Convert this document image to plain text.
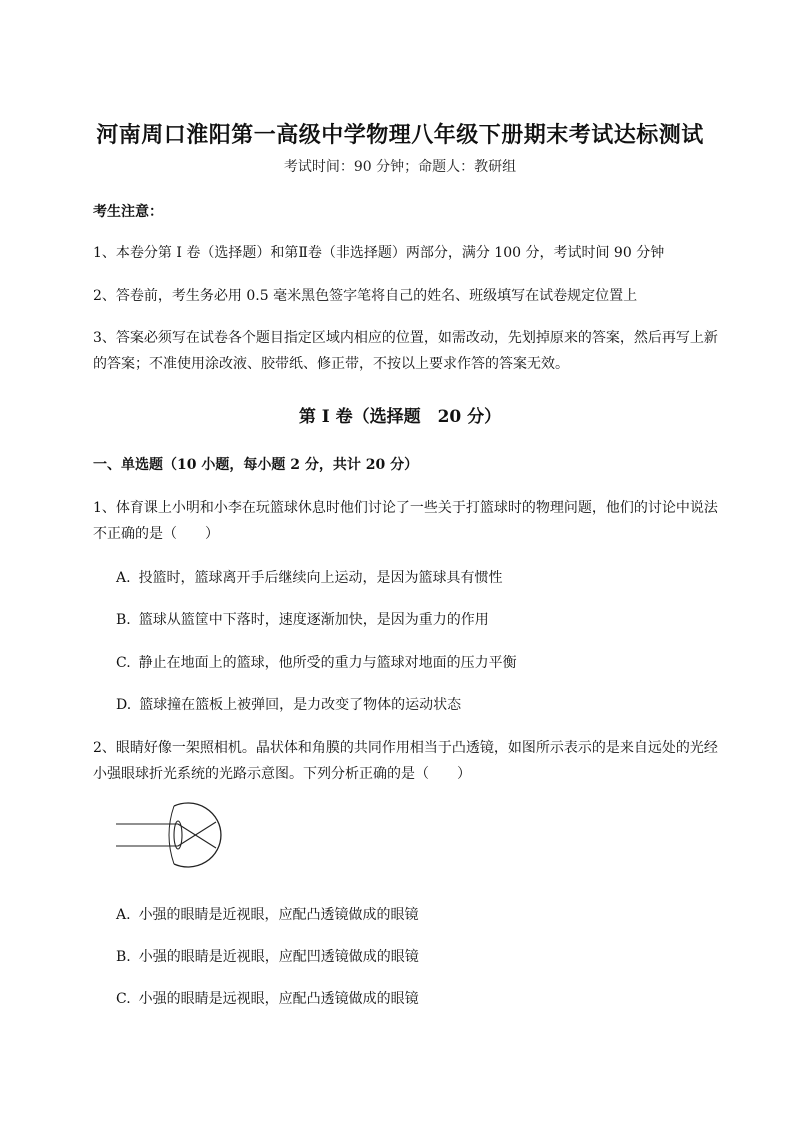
河南周口淮阳第一高级中学物理八年级下册期末考试达标测试
考试时间：90 分钟；命题人：教研组
考生注意：
1、本卷分第 I 卷（选择题）和第Ⅱ卷（非选择题）两部分，满分 100 分，考试时间 90 分钟
2、答卷前，考生务必用 0.5 毫米黑色签字笔将自己的姓名、班级填写在试卷规定位置上
3、答案必须写在试卷各个题目指定区域内相应的位置，如需改动，先划掉原来的答案，然后再写上新
的答案；不准使用涂改液、胶带纸、修正带，不按以上要求作答的答案无效。
第 I 卷（选择题　20 分）
一、单选题（10 小题，每小题 2 分，共计 20 分）
1、体育课上小明和小李在玩篮球休息时他们讨论了一些关于打篮球时的物理问题，他们的讨论中说法
不正确的是（　　）
A. 投篮时，篮球离开手后继续向上运动，是因为篮球具有惯性
B. 篮球从篮筐中下落时，速度逐渐加快，是因为重力的作用
C. 静止在地面上的篮球，他所受的重力与篮球对地面的压力平衡
D. 篮球撞在篮板上被弹回，是力改变了物体的运动状态
2、眼睛好像一架照相机。晶状体和角膜的共同作用相当于凸透镜，如图所示表示的是来自远处的光经
小强眼球折光系统的光路示意图。下列分析正确的是（　　）
A. 小强的眼睛是近视眼，应配凸透镜做成的眼镜
B. 小强的眼睛是近视眼，应配凹透镜做成的眼镜
C. 小强的眼睛是远视眼，应配凸透镜做成的眼镜
